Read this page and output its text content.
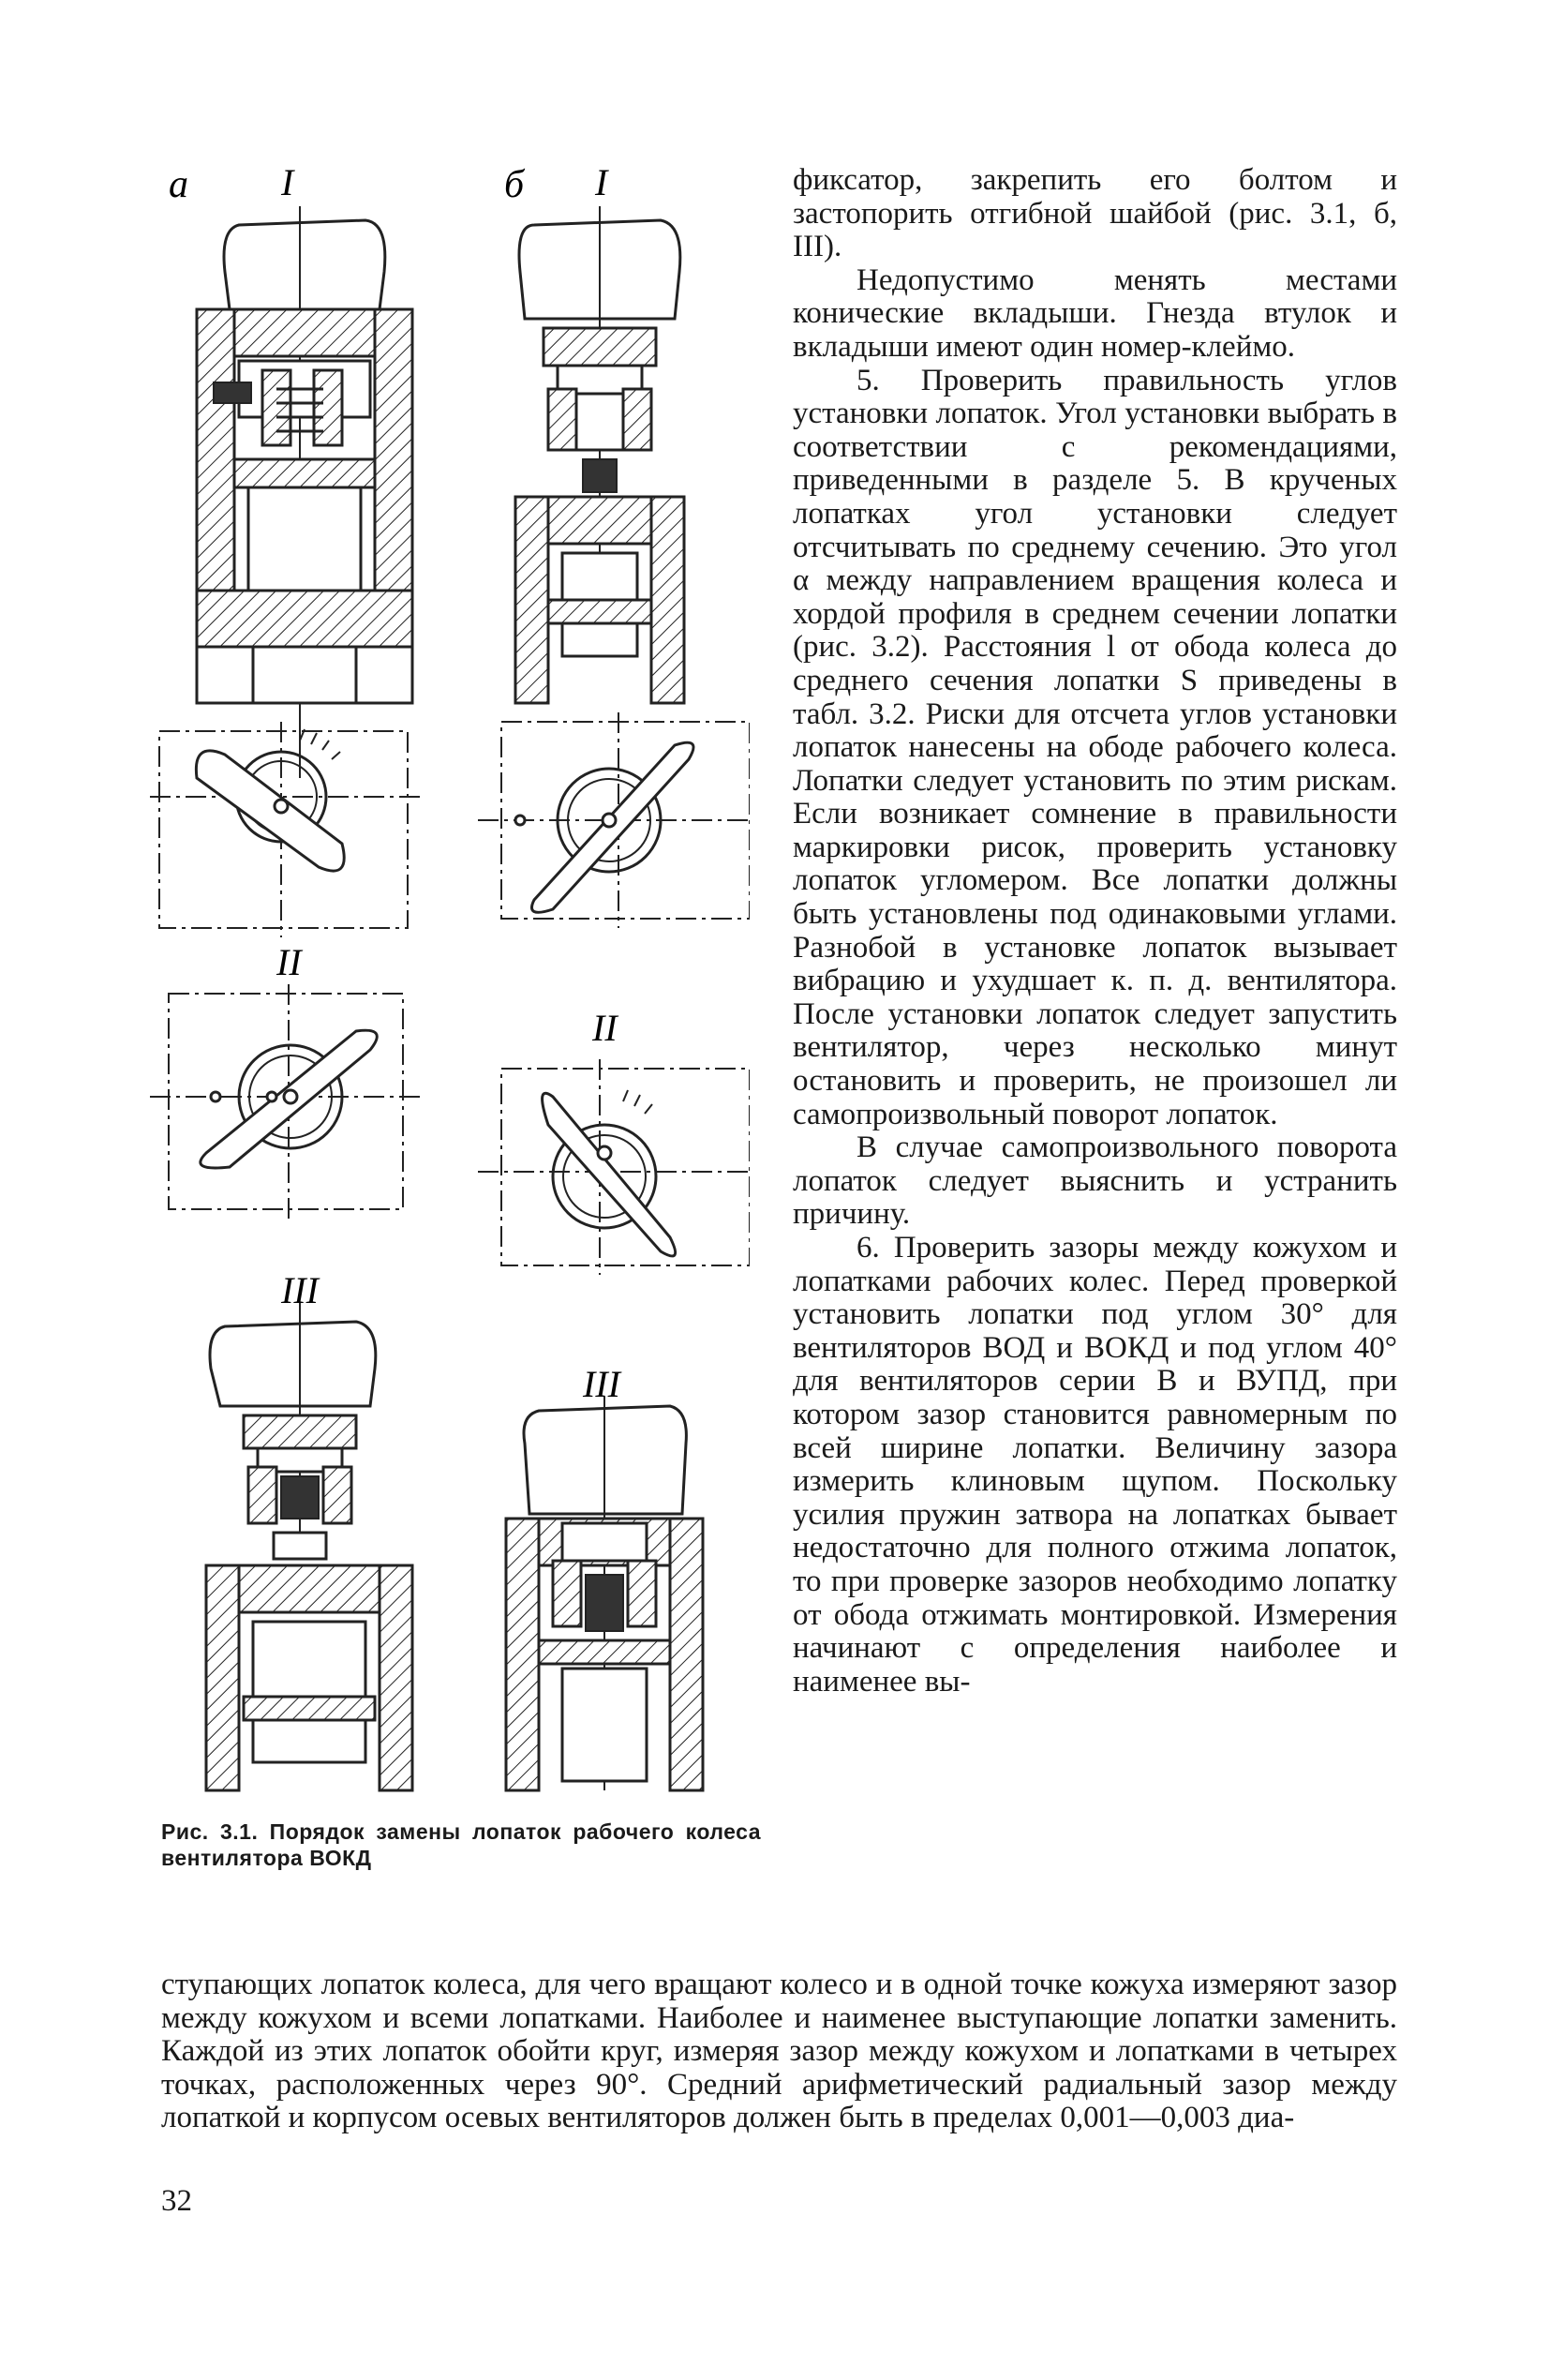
а I	б I
II
II
III
III
Рис. 3.1. Порядок замены лопаток рабочего колеса вентилятора ВОКД

фиксатор, закрепить его болтом и застопорить отгибной шайбой (рис. 3.1, б, III).

Недопустимо менять местами конические вкладыши. Гнезда втулок и вкладыши имеют один номер-клеймо.

5. Проверить правильность углов установки лопаток. Угол установки выбрать в соответствии с рекомендациями, приведенными в разделе 5. В крученых лопатках угол установки следует отсчитывать по среднему сечению. Это угол α между направлением вращения колеса и хордой профиля в среднем сечении лопатки (рис. 3.2). Расстояния l от обода колеса до среднего сечения лопатки S приведены в табл. 3.2. Риски для отсчета углов установки лопаток нанесены на ободе рабочего колеса. Лопатки следует установить по этим рискам. Если возникает сомнение в правильности маркировки рисок, проверить установку лопаток угломером. Все лопатки должны быть установлены под одинаковыми углами. Разнобой в установке лопаток вызывает вибрацию и ухудшает к. п. д. вентилятора. После установки лопаток следует запустить вентилятор, через несколько минут остановить и проверить, не произошел ли самопроизвольный поворот лопаток.

В случае самопроизвольного поворота лопаток следует выяснить и устранить причину.

6. Проверить зазоры между кожухом и лопатками рабочих колес. Перед проверкой установить лопатки под углом 30° для вентиляторов ВОД и ВОКД и под углом 40° для вентиляторов серии В и ВУПД, при котором зазор становится равномерным по всей ширине лопатки. Величину зазора измерить клиновым щупом. Поскольку усилия пружин затвора на лопатках бывает недостаточно для полного отжима лопаток, то при проверке зазоров необходимо лопатку от обода отжимать монтировкой. Измерения начинают с определения наиболее и наименее вы-

ступающих лопаток колеса, для чего вращают колесо и в одной точке кожуха измеряют зазор между кожухом и всеми лопатками. Наиболее и наименее выступающие лопатки заменить. Каждой из этих лопаток обойти круг, измеряя зазор между кожухом и лопатками в четырех точках, расположенных через 90°. Средний арифметический радиальный зазор между лопаткой и корпусом осевых вентиляторов должен быть в пределах 0,001—0,003 диа-

32
